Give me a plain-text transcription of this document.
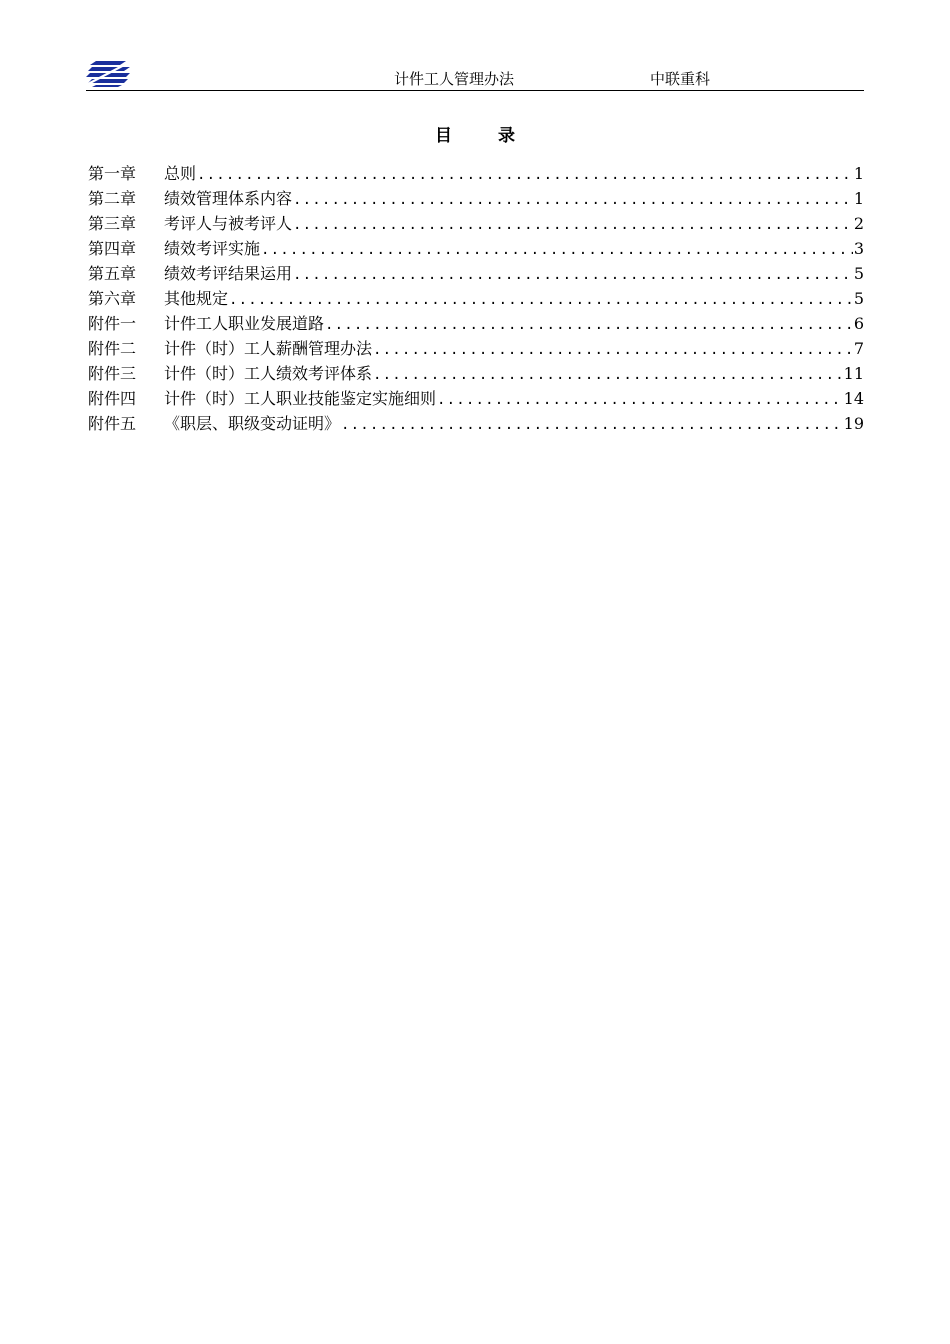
计件工人管理办法	中联重科
目 录
第一章	总则 .....	1
第二章	绩效管理体系内容 .....	1
第三章	考评人与被考评人 .....	2
第四章	绩效考评实施 .....	3
第五章	绩效考评结果运用 .....	5
第六章	其他规定 .....	5
附件一	计件工人职业发展道路 .....	6
附件二	计件（时）工人薪酬管理办法 .....	7
附件三	计件（时）工人绩效考评体系 .....	11
附件四	计件（时）工人职业技能鉴定实施细则 .....	14
附件五	《职层、职级变动证明》 .....	19
